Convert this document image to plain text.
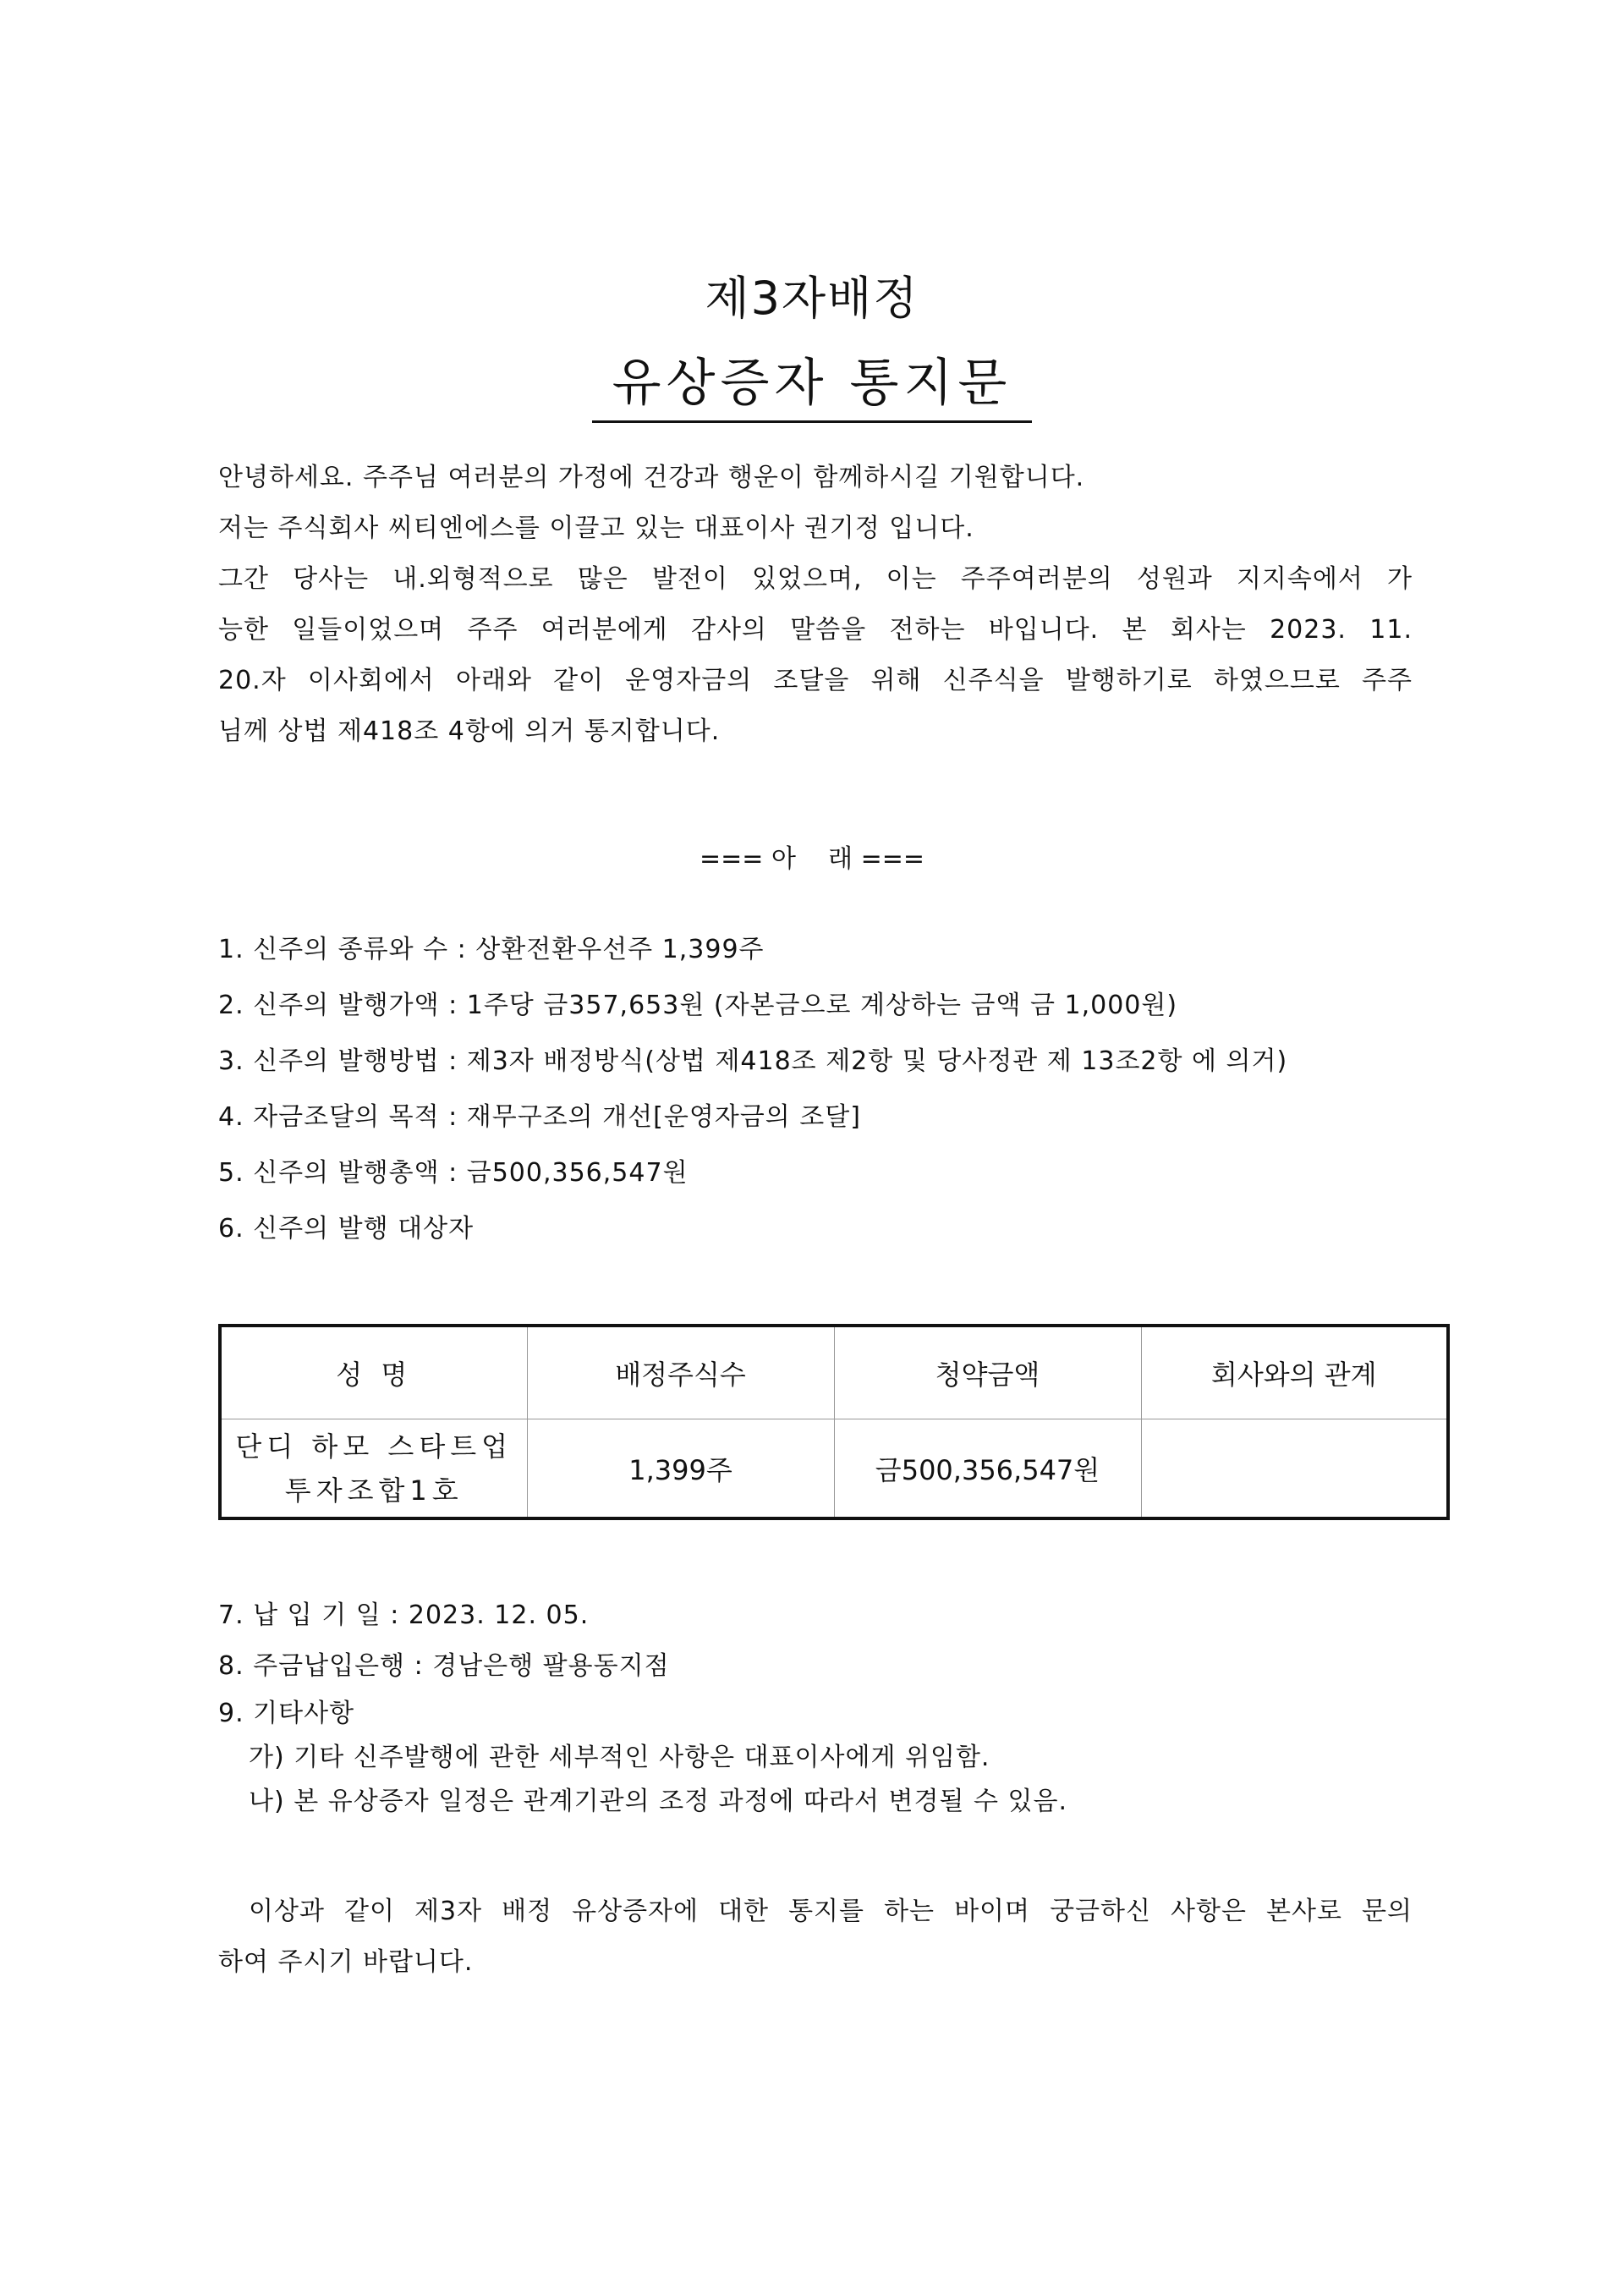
제3자배정
유상증자 통지문
안녕하세요. 주주님 여러분의 가정에 건강과 행운이 함께하시길 기원합니다.
저는 주식회사 씨티엔에스를 이끌고 있는 대표이사 권기정 입니다.
그간 당사는 내.외형적으로 많은 발전이 있었으며, 이는 주주여러분의 성원과 지지속에서 가
능한 일들이었으며 주주 여러분에게 감사의 말씀을 전하는 바입니다. 본 회사는 2023. 11.
20.자 이사회에서 아래와 같이 운영자금의 조달을 위해 신주식을 발행하기로 하였으므로 주주
님께 상법 제418조 4항에 의거 통지합니다.
=== 아    래 ===
1. 신주의 종류와 수 : 상환전환우선주 1,399주
2. 신주의 발행가액 : 1주당 금357,653원 (자본금으로 계상하는 금액 금 1,000원)
3. 신주의 발행방법 : 제3자 배정방식(상법 제418조 제2항 및 당사정관 제 13조2항 에 의거)
4. 자금조달의 목적 : 재무구조의 개선[운영자금의 조달]
5. 신주의 발행총액 : 금500,356,547원
6. 신주의 발행 대상자
성 명	배정주식수	청약금액	회사와의 관계

단디 하모 스타트업
투자조합1호	1,399주	금500,356,547원	
7. 납 입 기 일 : 2023. 12. 05.
8. 주금납입은행 : 경남은행 팔용동지점
9. 기타사항
가) 기타 신주발행에 관한 세부적인 사항은 대표이사에게 위임함.
나) 본 유상증자 일정은 관계기관의 조정 과정에 따라서 변경될 수 있음.
이상과 같이 제3자 배정 유상증자에 대한 통지를 하는 바이며 궁금하신 사항은 본사로 문의
하여 주시기 바랍니다.
